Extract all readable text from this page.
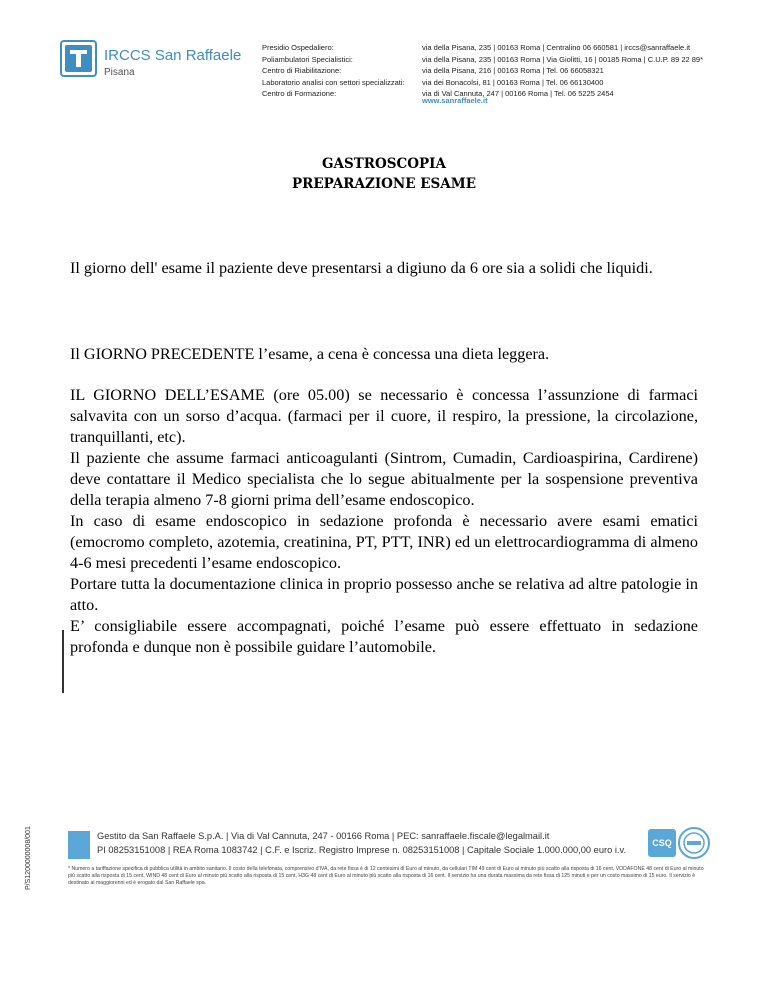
IRCCS San Raffaele
Pisana
Presidio Ospedaliero:	via della Pisana, 235 | 00163 Roma | Centralino 06 660581 | irccs@sanraffaele.it
Poliambulatori Specialistici:	via della Pisana, 235 | 00163 Roma | Via Giolitti, 16 | 00185 Roma | C.U.P. 89 22 89*
Centro di Riabilitazione:	via della Pisana, 216 | 00163 Roma | Tel. 06 66058321
Laboratorio analisi con settori specializzati:	via dei Bonacolsi, 81 | 00163 Roma | Tel. 06 66130400
Centro di Formazione:	via di Val Cannuta, 247 | 00166 Roma | Tel. 06 5225 2454
www.sanraffaele.it
GASTROSCOPIA
PREPARAZIONE ESAME
Il giorno dell' esame il paziente deve presentarsi a digiuno da 6 ore sia a solidi che liquidi.
Il GIORNO PRECEDENTE l’esame, a cena è concessa una dieta leggera.

IL GIORNO DELL’ESAME (ore 05.00) se necessario è concessa l’assunzione di farmaci salvavita con un sorso d’acqua. (farmaci per il cuore, il respiro, la pressione, la circolazione, tranquillanti, etc).

Il paziente che assume farmaci anticoagulanti (Sintrom, Cumadin, Cardioaspirina, Cardirene) deve contattare il Medico specialista che lo segue abitualmente per la sospensione preventiva della terapia almeno 7-8 giorni prima dell’esame endoscopico.

In caso di esame endoscopico in sedazione profonda è necessario avere esami ematici (emocromo completo, azotemia, creatinina, PT, PTT, INR) ed un elettrocardiogramma di almeno 4-6 mesi precedenti l’esame endoscopico.

Portare tutta la documentazione clinica in proprio possesso anche se relativa ad altre patologie in atto.

E’ consigliabile essere accompagnati, poiché l’esame può essere effettuato in sedazione profonda e dunque non è possibile guidare l’automobile.

P/S1200000008/001	Gestito da San Raffaele S.p.A. | Via di Val Cannuta, 247 - 00166 Roma | PEC: sanraffaele.fiscale@legalmail.it
PI 08253151008 | REA Roma 1083742 | C.F. e Iscriz. Registro Imprese n. 08253151008 | Capitale Sociale 1.000.000,00 euro i.v.
CSQ
* Numero a tariffazione specifica di pubblica utilità in ambito sanitario. Il costo della telefonata, comprensivo d'IVA, da rete fissa è di 12 centesimi di Euro al minuto, da cellulari TIM 49 cent di Euro al minuto più scatto alla risposta di 16 cent, VODAFONE 48 cent di Euro al minuto più scatto alla risposta di 15 cent, WIND 48 cent di Euro al minuto più scatto alla risposta di 15 cent, H3G 48 cent di Euro al minuto più scatto alla risposta di 16 cent. Il servizio ha una durata massima da rete fissa di 125 minuti e per un costo massimo di 15 euro. Il servizio è destinato ai maggiorenni ed è erogato dal San Raffaele spa.
